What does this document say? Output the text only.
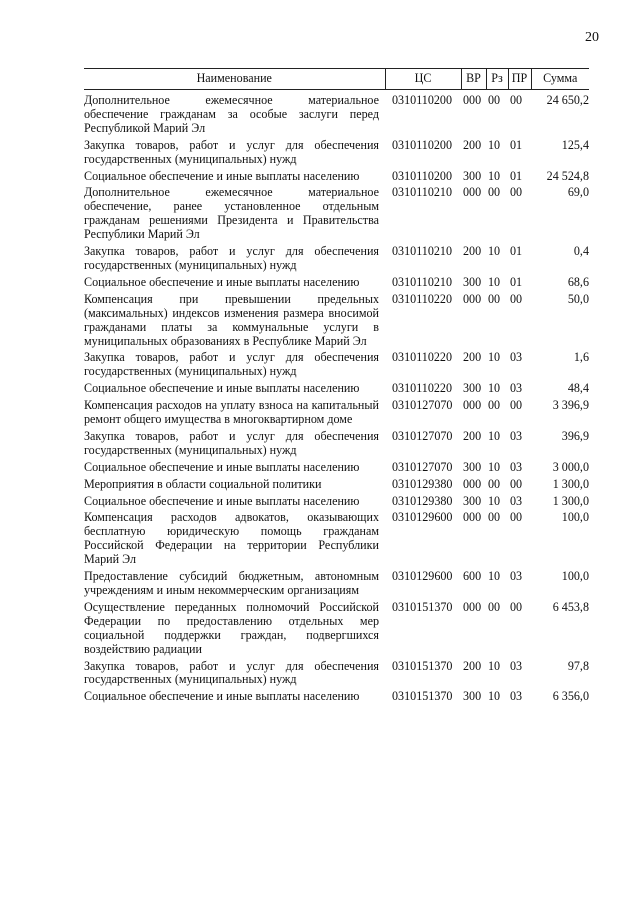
20
Наименование	ЦС	ВР	Рз	ПР	Сумма
Дополнительное ежемесячное материальное обеспечение гражданам за особые заслуги перед Республикой Марий Эл	0310110200	000	00	00	24 650,2
Закупка товаров, работ и услуг для обеспечения государственных (муниципальных) нужд	0310110200	200	10	01	125,4
Социальное обеспечение и иные выплаты населению	0310110200	300	10	01	24 524,8
Дополнительное ежемесячное материальное обеспечение, ранее установленное отдельным гражданам решениями Президента и Правительства Республики Марий Эл	0310110210	000	00	00	69,0
Закупка товаров, работ и услуг для обеспечения государственных (муниципальных) нужд	0310110210	200	10	01	0,4
Социальное обеспечение и иные выплаты населению	0310110210	300	10	01	68,6
Компенсация при превышении предельных (максимальных) индексов изменения размера вносимой гражданами платы за коммунальные услуги в муниципальных образованиях в Республике Марий Эл	0310110220	000	00	00	50,0
Закупка товаров, работ и услуг для обеспечения государственных (муниципальных) нужд	0310110220	200	10	03	1,6
Социальное обеспечение и иные выплаты населению	0310110220	300	10	03	48,4
Компенсация расходов на уплату взноса на капитальный ремонт общего имущества в многоквартирном доме	0310127070	000	00	00	3 396,9
Закупка товаров, работ и услуг для обеспечения государственных (муниципальных) нужд	0310127070	200	10	03	396,9
Социальное обеспечение и иные выплаты населению	0310127070	300	10	03	3 000,0
Мероприятия в области социальной политики	0310129380	000	00	00	1 300,0
Социальное обеспечение и иные выплаты населению	0310129380	300	10	03	1 300,0
Компенсация расходов адвокатов, оказывающих бесплатную юридическую помощь гражданам Российской Федерации на территории Республики Марий Эл	0310129600	000	00	00	100,0
Предоставление субсидий бюджетным, автономным учреждениям и иным некоммерческим организациям	0310129600	600	10	03	100,0
Осуществление переданных полномочий Российской Федерации по предоставлению отдельных мер социальной поддержки граждан, подвергшихся воздействию радиации	0310151370	000	00	00	6 453,8
Закупка товаров, работ и услуг для обеспечения государственных (муниципальных) нужд	0310151370	200	10	03	97,8
Социальное обеспечение и иные выплаты населению	0310151370	300	10	03	6 356,0
